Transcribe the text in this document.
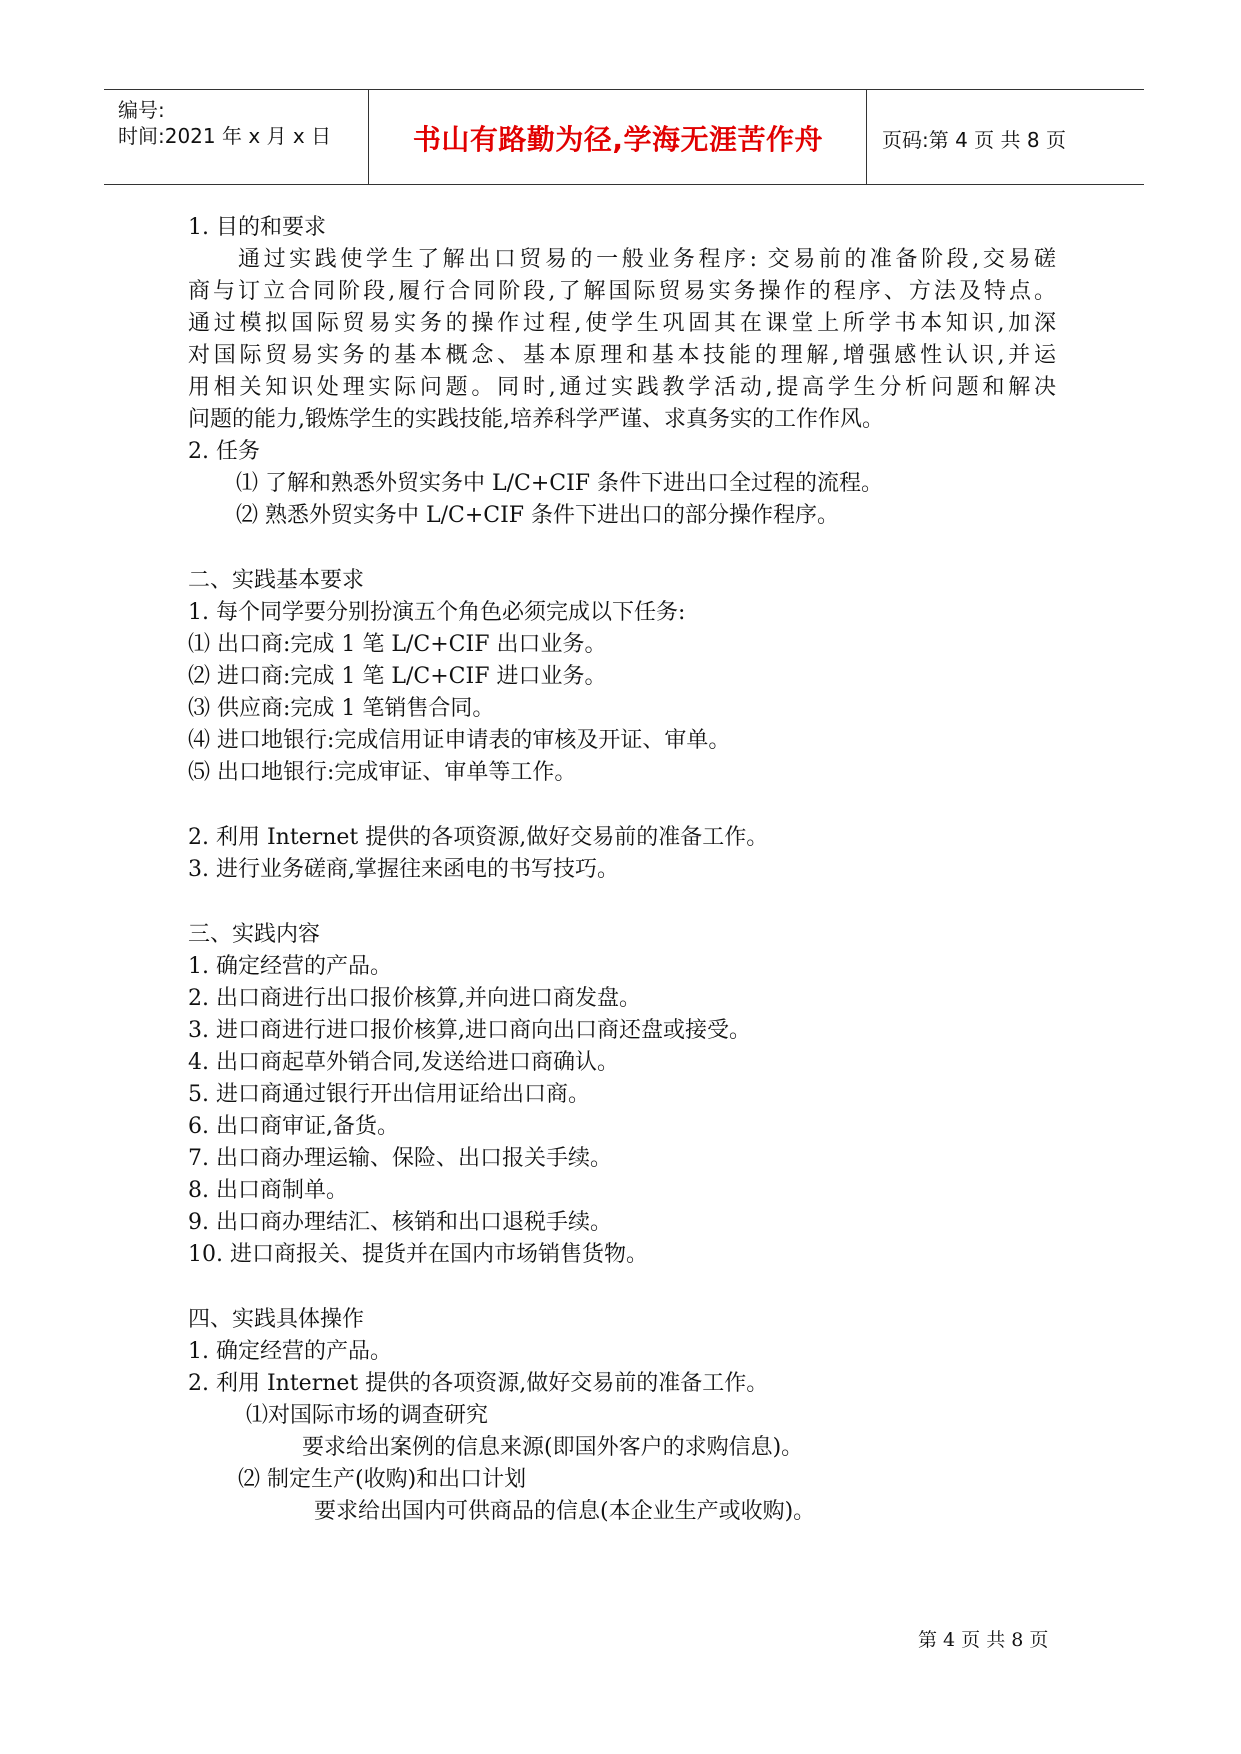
编号:
时间:2021 年 x 月 x 日	书山有路勤为径,学海无涯苦作舟	页码:第 4 页 共 8 页
1. 目的和要求
通过实践使学生了解出口贸易的一般业务程序: 交易前的准备阶段,交易磋
商与订立合同阶段,履行合同阶段,了解国际贸易实务操作的程序、方法及特点。
通过模拟国际贸易实务的操作过程,使学生巩固其在课堂上所学书本知识,加深
对国际贸易实务的基本概念、基本原理和基本技能的理解,增强感性认识,并运
用相关知识处理实际问题。同时,通过实践教学活动,提高学生分析问题和解决
问题的能力,锻炼学生的实践技能,培养科学严谨、求真务实的工作作风。
2. 任务
⑴ 了解和熟悉外贸实务中 L/C+CIF 条件下进出口全过程的流程。
⑵ 熟悉外贸实务中 L/C+CIF 条件下进出口的部分操作程序。
二、实践基本要求
1. 每个同学要分别扮演五个角色必须完成以下任务:
⑴ 出口商:完成 1 笔 L/C+CIF 出口业务。
⑵ 进口商:完成 1 笔 L/C+CIF 进口业务。
⑶ 供应商:完成 1 笔销售合同。
⑷ 进口地银行:完成信用证申请表的审核及开证、审单。
⑸ 出口地银行:完成审证、审单等工作。
2. 利用 Internet 提供的各项资源,做好交易前的准备工作。
3. 进行业务磋商,掌握往来函电的书写技巧。
三、实践内容
1. 确定经营的产品。
2. 出口商进行出口报价核算,并向进口商发盘。
3. 进口商进行进口报价核算,进口商向出口商还盘或接受。
4. 出口商起草外销合同,发送给进口商确认。
5. 进口商通过银行开出信用证给出口商。
6. 出口商审证,备货。
7. 出口商办理运输、保险、出口报关手续。
8. 出口商制单。
9. 出口商办理结汇、核销和出口退税手续。
10. 进口商报关、提货并在国内市场销售货物。
四、实践具体操作
1. 确定经营的产品。
2. 利用 Internet 提供的各项资源,做好交易前的准备工作。
⑴对国际市场的调查研究
要求给出案例的信息来源(即国外客户的求购信息)。
⑵ 制定生产(收购)和出口计划
要求给出国内可供商品的信息(本企业生产或收购)。
第 4 页 共 8 页
